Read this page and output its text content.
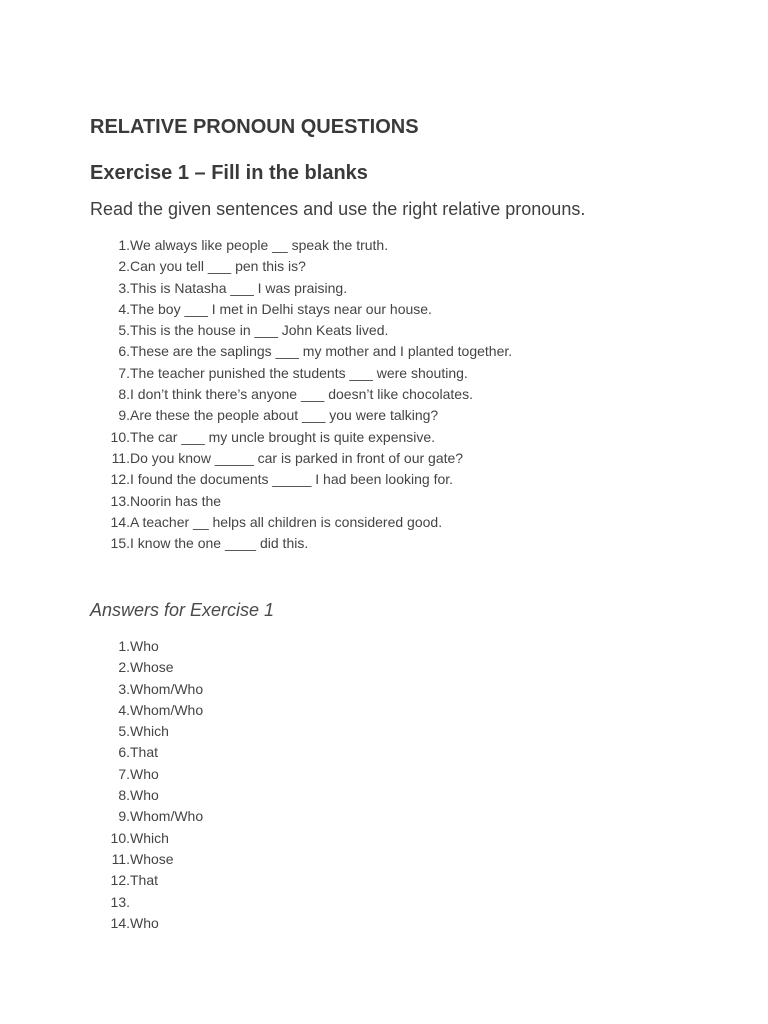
RELATIVE PRONOUN QUESTIONS
Exercise 1 – Fill in the blanks
Read the given sentences and use the right relative pronouns.
1.We always like people __ speak the truth.
2.Can you tell ___ pen this is?
3.This is Natasha ___ I was praising.
4.The boy ___ I met in Delhi stays near our house.
5.This is the house in ___ John Keats lived.
6.These are the saplings ___ my mother and I planted together.
7.The teacher punished the students ___ were shouting.
8.I don’t think there’s anyone ___ doesn’t like chocolates.
9.Are these the people about ___ you were talking?
10.The car ___ my uncle brought is quite expensive.
11.Do you know _____ car is parked in front of our gate?
12.I found the documents _____ I had been looking for.
13.Noorin has the
14.A teacher __ helps all children is considered good.
15.I know the one ____ did this.
Answers for Exercise 1
1.Who
2.Whose
3.Whom/Who
4.Whom/Who
5.Which
6.That
7.Who
8.Who
9.Whom/Who
10.Which
11.Whose
12.That
13.
14.Who
